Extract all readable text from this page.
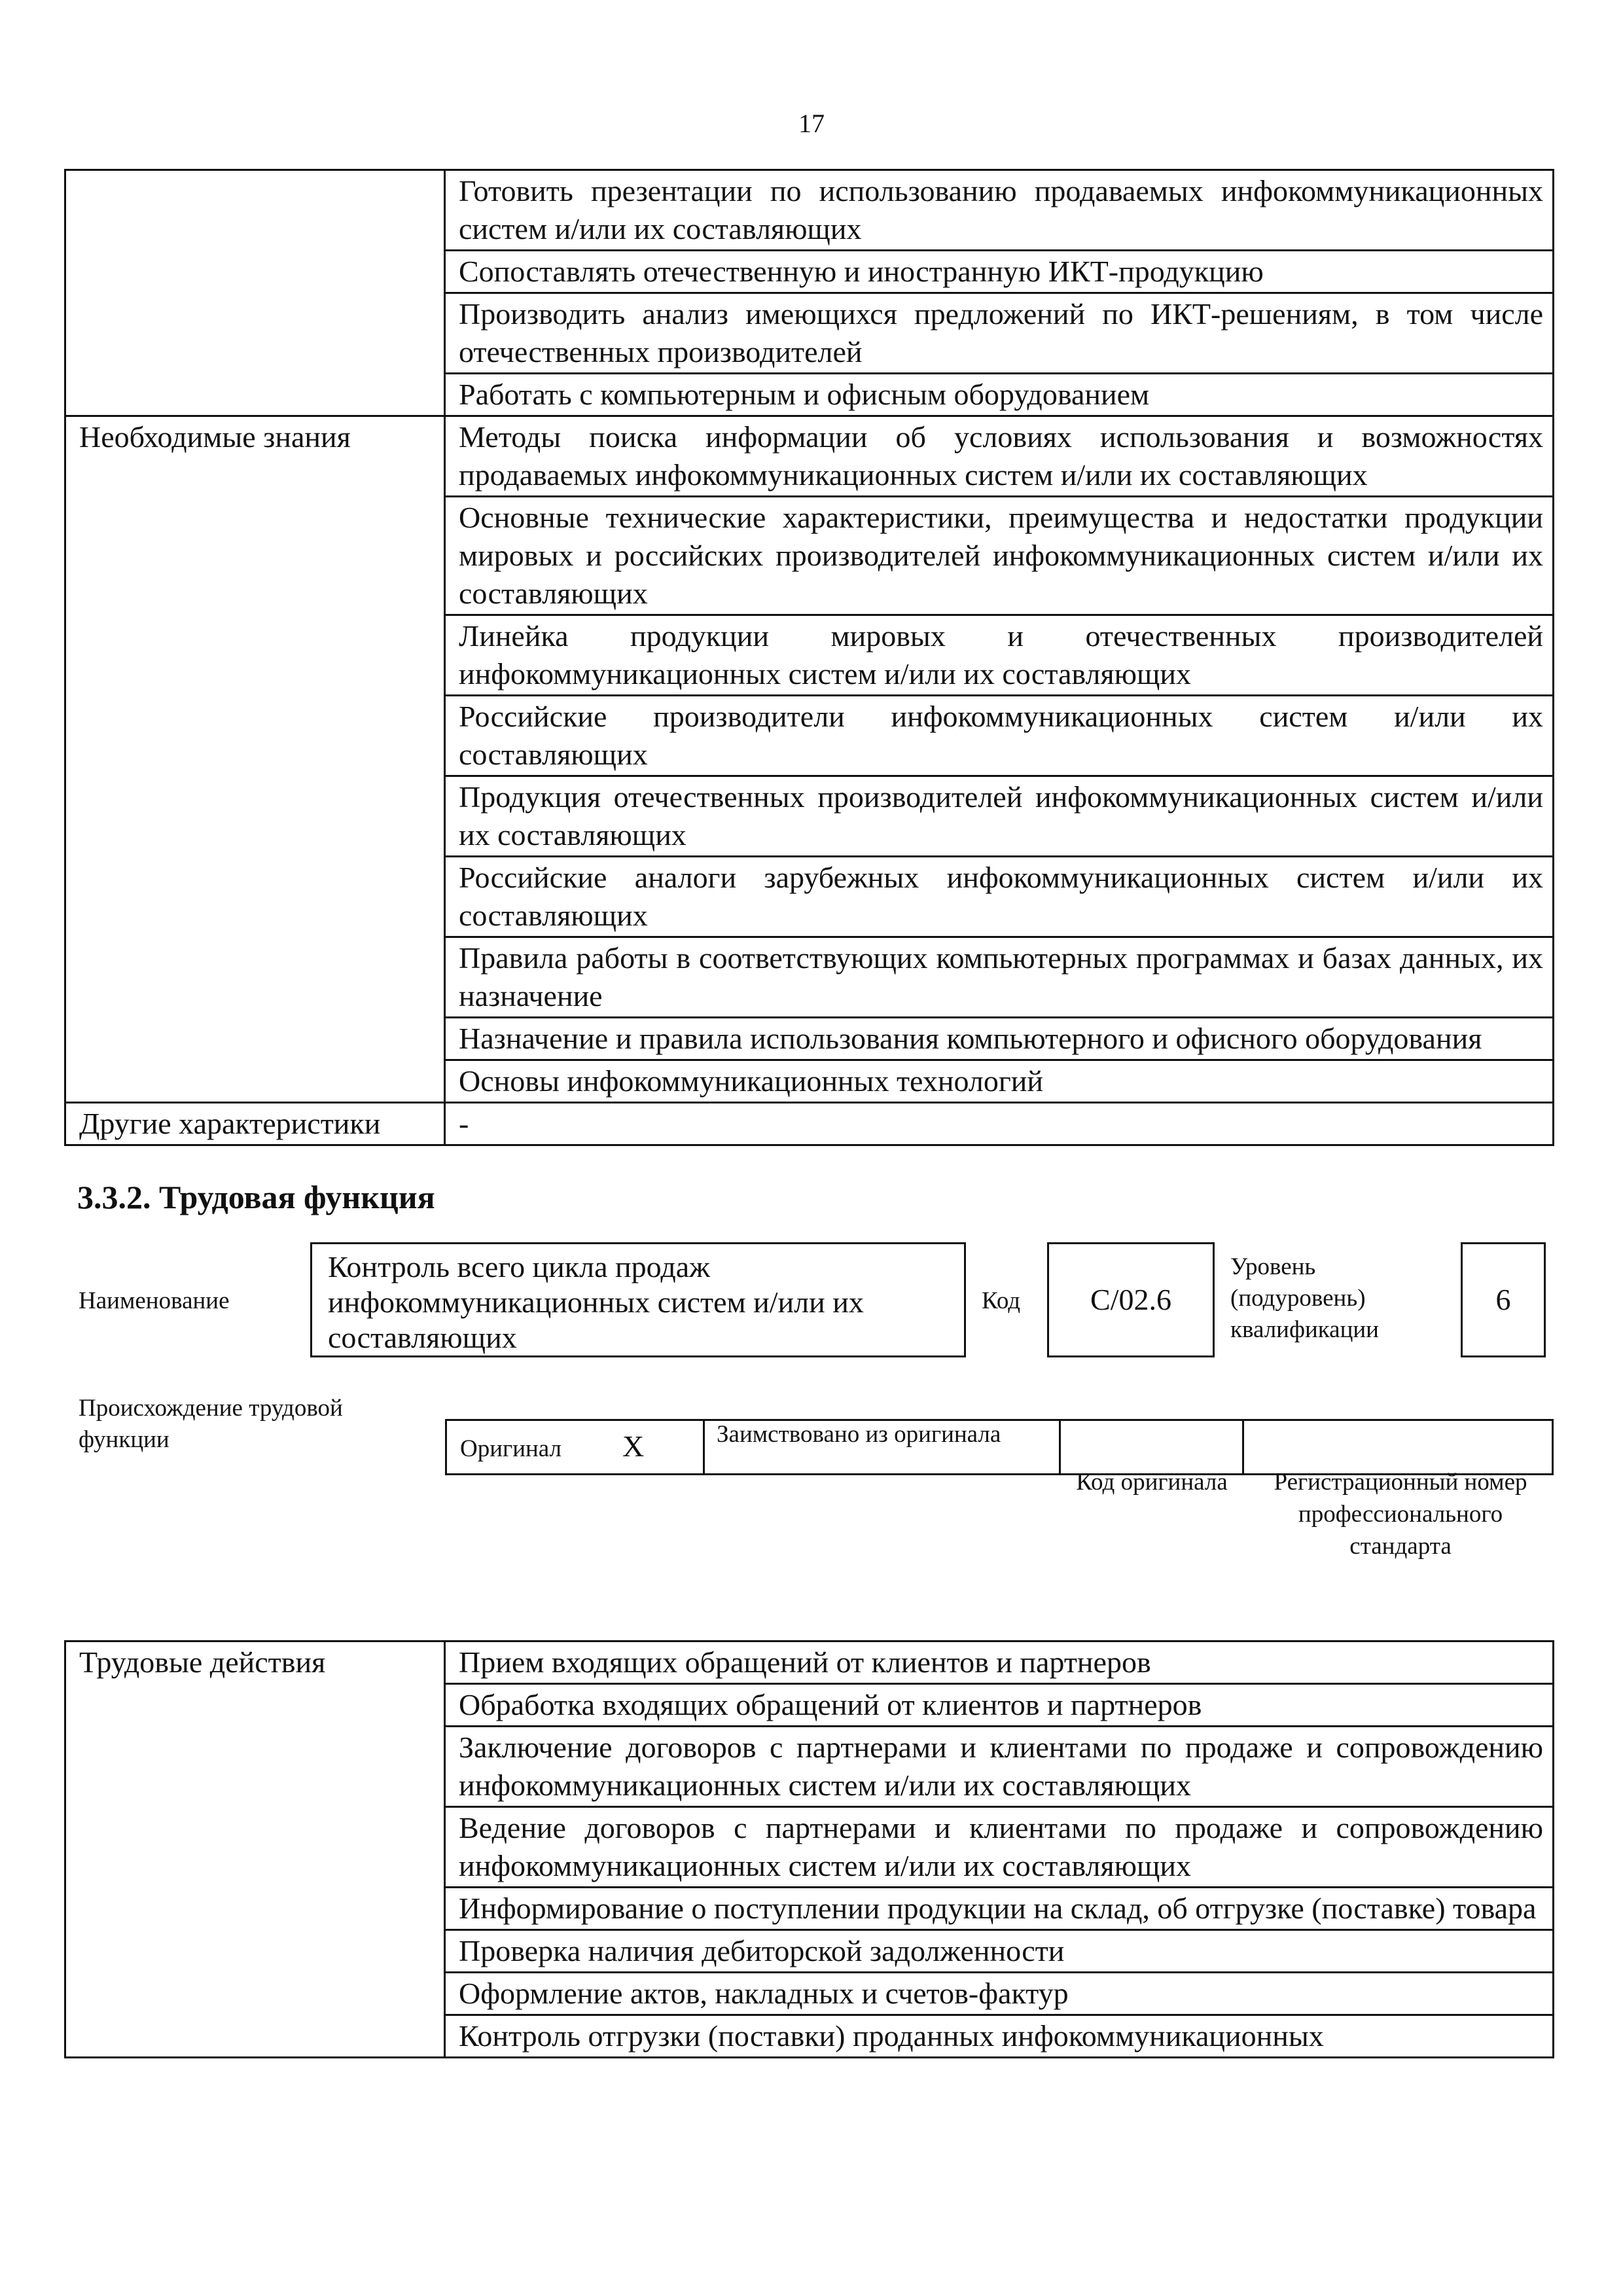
17
	Готовить презентации по использованию продаваемых инфокоммуникационных систем и/или их составляющих
	Сопоставлять отечественную и иностранную ИКТ-продукцию
	Производить анализ имеющихся предложений по ИКТ-решениям, в том числе отечественных производителей
	Работать с компьютерным и офисным оборудованием
Необходимые знания	Методы поиска информации об условиях использования и возможностях продаваемых инфокоммуникационных систем и/или их составляющих
	Основные технические характеристики, преимущества и недостатки продукции мировых и российских производителей инфокоммуникационных систем и/или их составляющих
	Линейка продукции мировых и отечественных производителей инфокоммуникационных систем и/или их составляющих
	Российские производители инфокоммуникационных систем и/или их составляющих
	Продукция отечественных производителей инфокоммуникационных систем и/или их составляющих
	Российские аналоги зарубежных инфокоммуникационных систем и/или их составляющих
	Правила работы в соответствующих компьютерных программах и базах данных, их назначение
	Назначение и правила использования компьютерного и офисного оборудования
	Основы инфокоммуникационных технологий
Другие характеристики	-
3.3.2. Трудовая функция
Наименование
Контроль всего цикла продаж инфокоммуникационных систем и/или их составляющих
Код C/02.6
Уровень (подуровень) квалификации
6
Происхождение трудовой функции	Оригинал X	Заимствовано из оригинала
Код оригинала	Регистрационный номер профессионального стандарта
Трудовые действия	Прием входящих обращений от клиентов и партнеров
Обработка входящих обращений от клиентов и партнеров
Заключение договоров с партнерами и клиентами по продаже и сопровождению инфокоммуникационных систем и/или их составляющих
Ведение договоров с партнерами и клиентами по продаже и сопровождению инфокоммуникационных систем и/или их составляющих
Информирование о поступлении продукции на склад, об отгрузке (поставке) товара
Проверка наличия дебиторской задолженности
Оформление актов, накладных и счетов-фактур
Контроль отгрузки (поставки) проданных инфокоммуникационных
